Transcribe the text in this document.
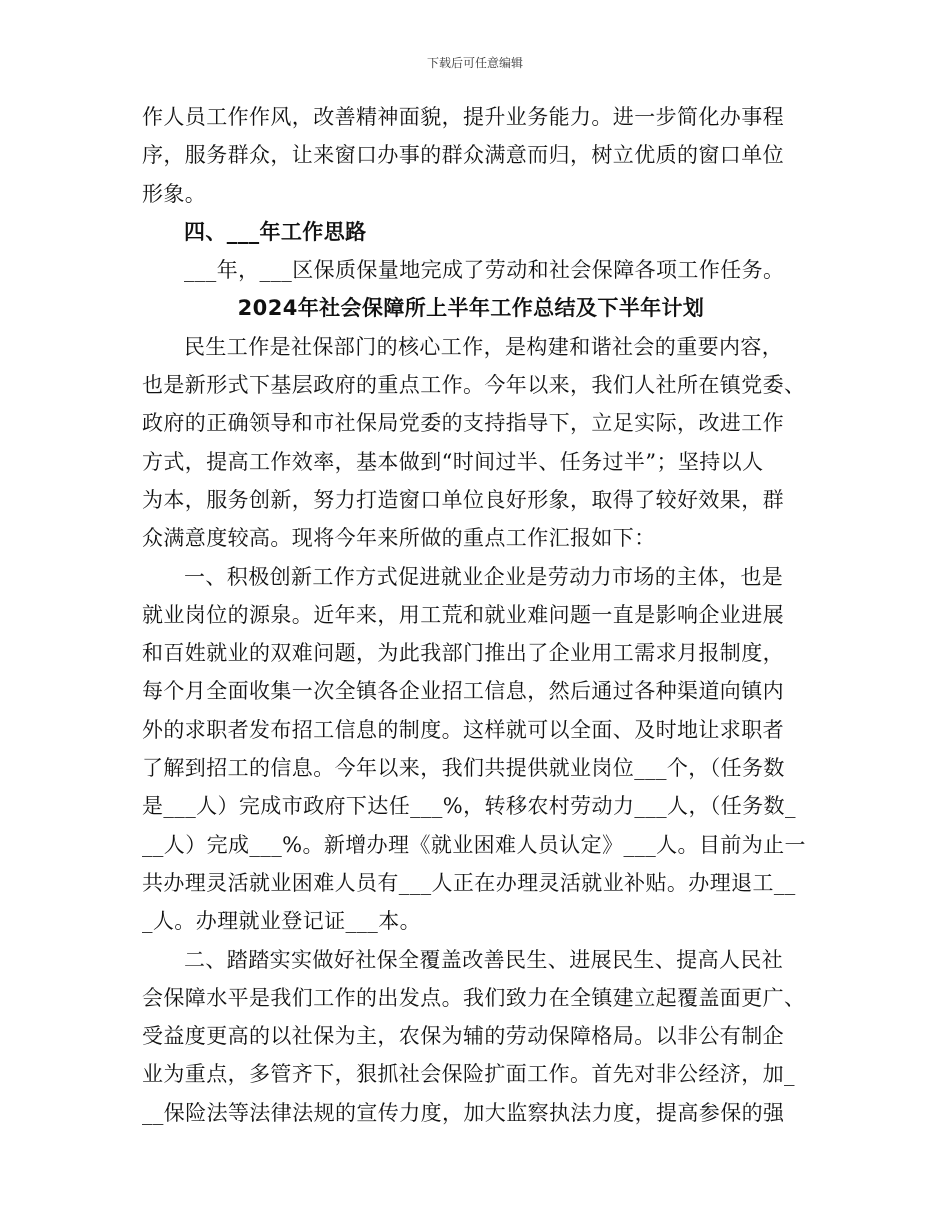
下载后可任意编辑
作人员工作作风，改善精神面貌，提升业务能力。进一步简化办事程
序，服务群众，让来窗口办事的群众满意而归，树立优质的窗口单位
形象。
四、___年工作思路
___年，___区保质保量地完成了劳动和社会保障各项工作任务。
2024年社会保障所上半年工作总结及下半年计划
民生工作是社保部门的核心工作，是构建和谐社会的重要内容，
也是新形式下基层政府的重点工作。今年以来，我们人社所在镇党委、
政府的正确领导和市社保局党委的支持指导下，立足实际，改进工作
方式，提高工作效率，基本做到“时间过半、任务过半”；坚持以人
为本，服务创新，努力打造窗口单位良好形象，取得了较好效果，群
众满意度较高。现将今年来所做的重点工作汇报如下：
一、积极创新工作方式促进就业企业是劳动力市场的主体，也是
就业岗位的源泉。近年来，用工荒和就业难问题一直是影响企业进展
和百姓就业的双难问题，为此我部门推出了企业用工需求月报制度，
每个月全面收集一次全镇各企业招工信息，然后通过各种渠道向镇内
外的求职者发布招工信息的制度。这样就可以全面、及时地让求职者
了解到招工的信息。今年以来，我们共提供就业岗位___个，（任务数
是___人）完成市政府下达任___%，转移农村劳动力___人，（任务数_
__人）完成___%。新增办理《就业困难人员认定》___人。目前为止一
共办理灵活就业困难人员有___人正在办理灵活就业补贴。办理退工__
_人。办理就业登记证___本。
二、踏踏实实做好社保全覆盖改善民生、进展民生、提高人民社
会保障水平是我们工作的出发点。我们致力在全镇建立起覆盖面更广、
受益度更高的以社保为主，农保为辅的劳动保障格局。以非公有制企
业为重点，多管齐下，狠抓社会保险扩面工作。首先对非公经济，加_
__保险法等法律法规的宣传力度，加大监察执法力度，提高参保的强
